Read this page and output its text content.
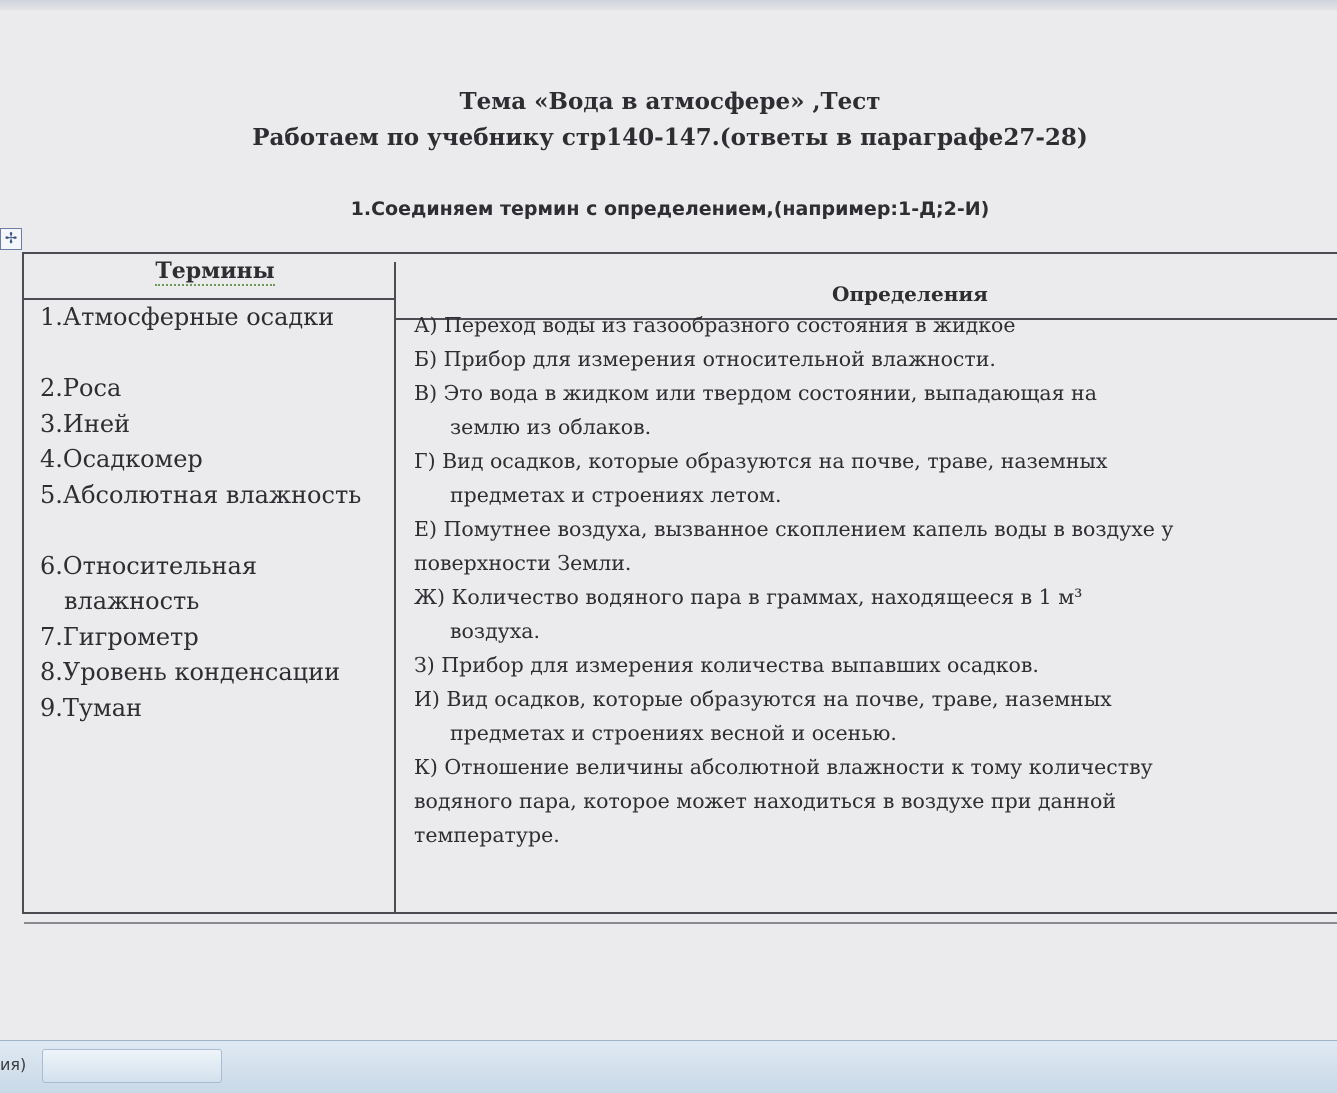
Тема «Вода в атмосфере» ,Тест
Работаем по учебнику стр140-147.(ответы в параграфе27-28)
1.Соединяем термин с определением,(например:1-Д;2-И)
✢
Термины
Определения
1.Атмосферные осадки
2.Роса
3.Иней
4.Осадкомер
5.Абсолютная влажность
6.Относительная влажность
7.Гигрометр
8.Уровень конденсации
9.Туман
А) Переход воды из газообразного состояния в жидкое
Б) Прибор для измерения относительной влажности.
В) Это вода в жидком или твердом состоянии, выпадающая на
землю из облаков.
Г) Вид осадков, которые образуются на почве, траве, наземных
предметах и строениях летом.
Е) Помутнее воздуха, вызванное скоплением капель воды в воздухе у
поверхности Земли.
Ж) Количество водяного пара в граммах, находящееся в 1 м³
воздуха.
З) Прибор для измерения количества выпавших осадков.
И) Вид осадков, которые образуются на почве, траве, наземных
предметах и строениях весной и осенью.
К) Отношение величины абсолютной влажности к тому количеству
водяного пара, которое может находиться в воздухе при данной
температуре.
ия)
